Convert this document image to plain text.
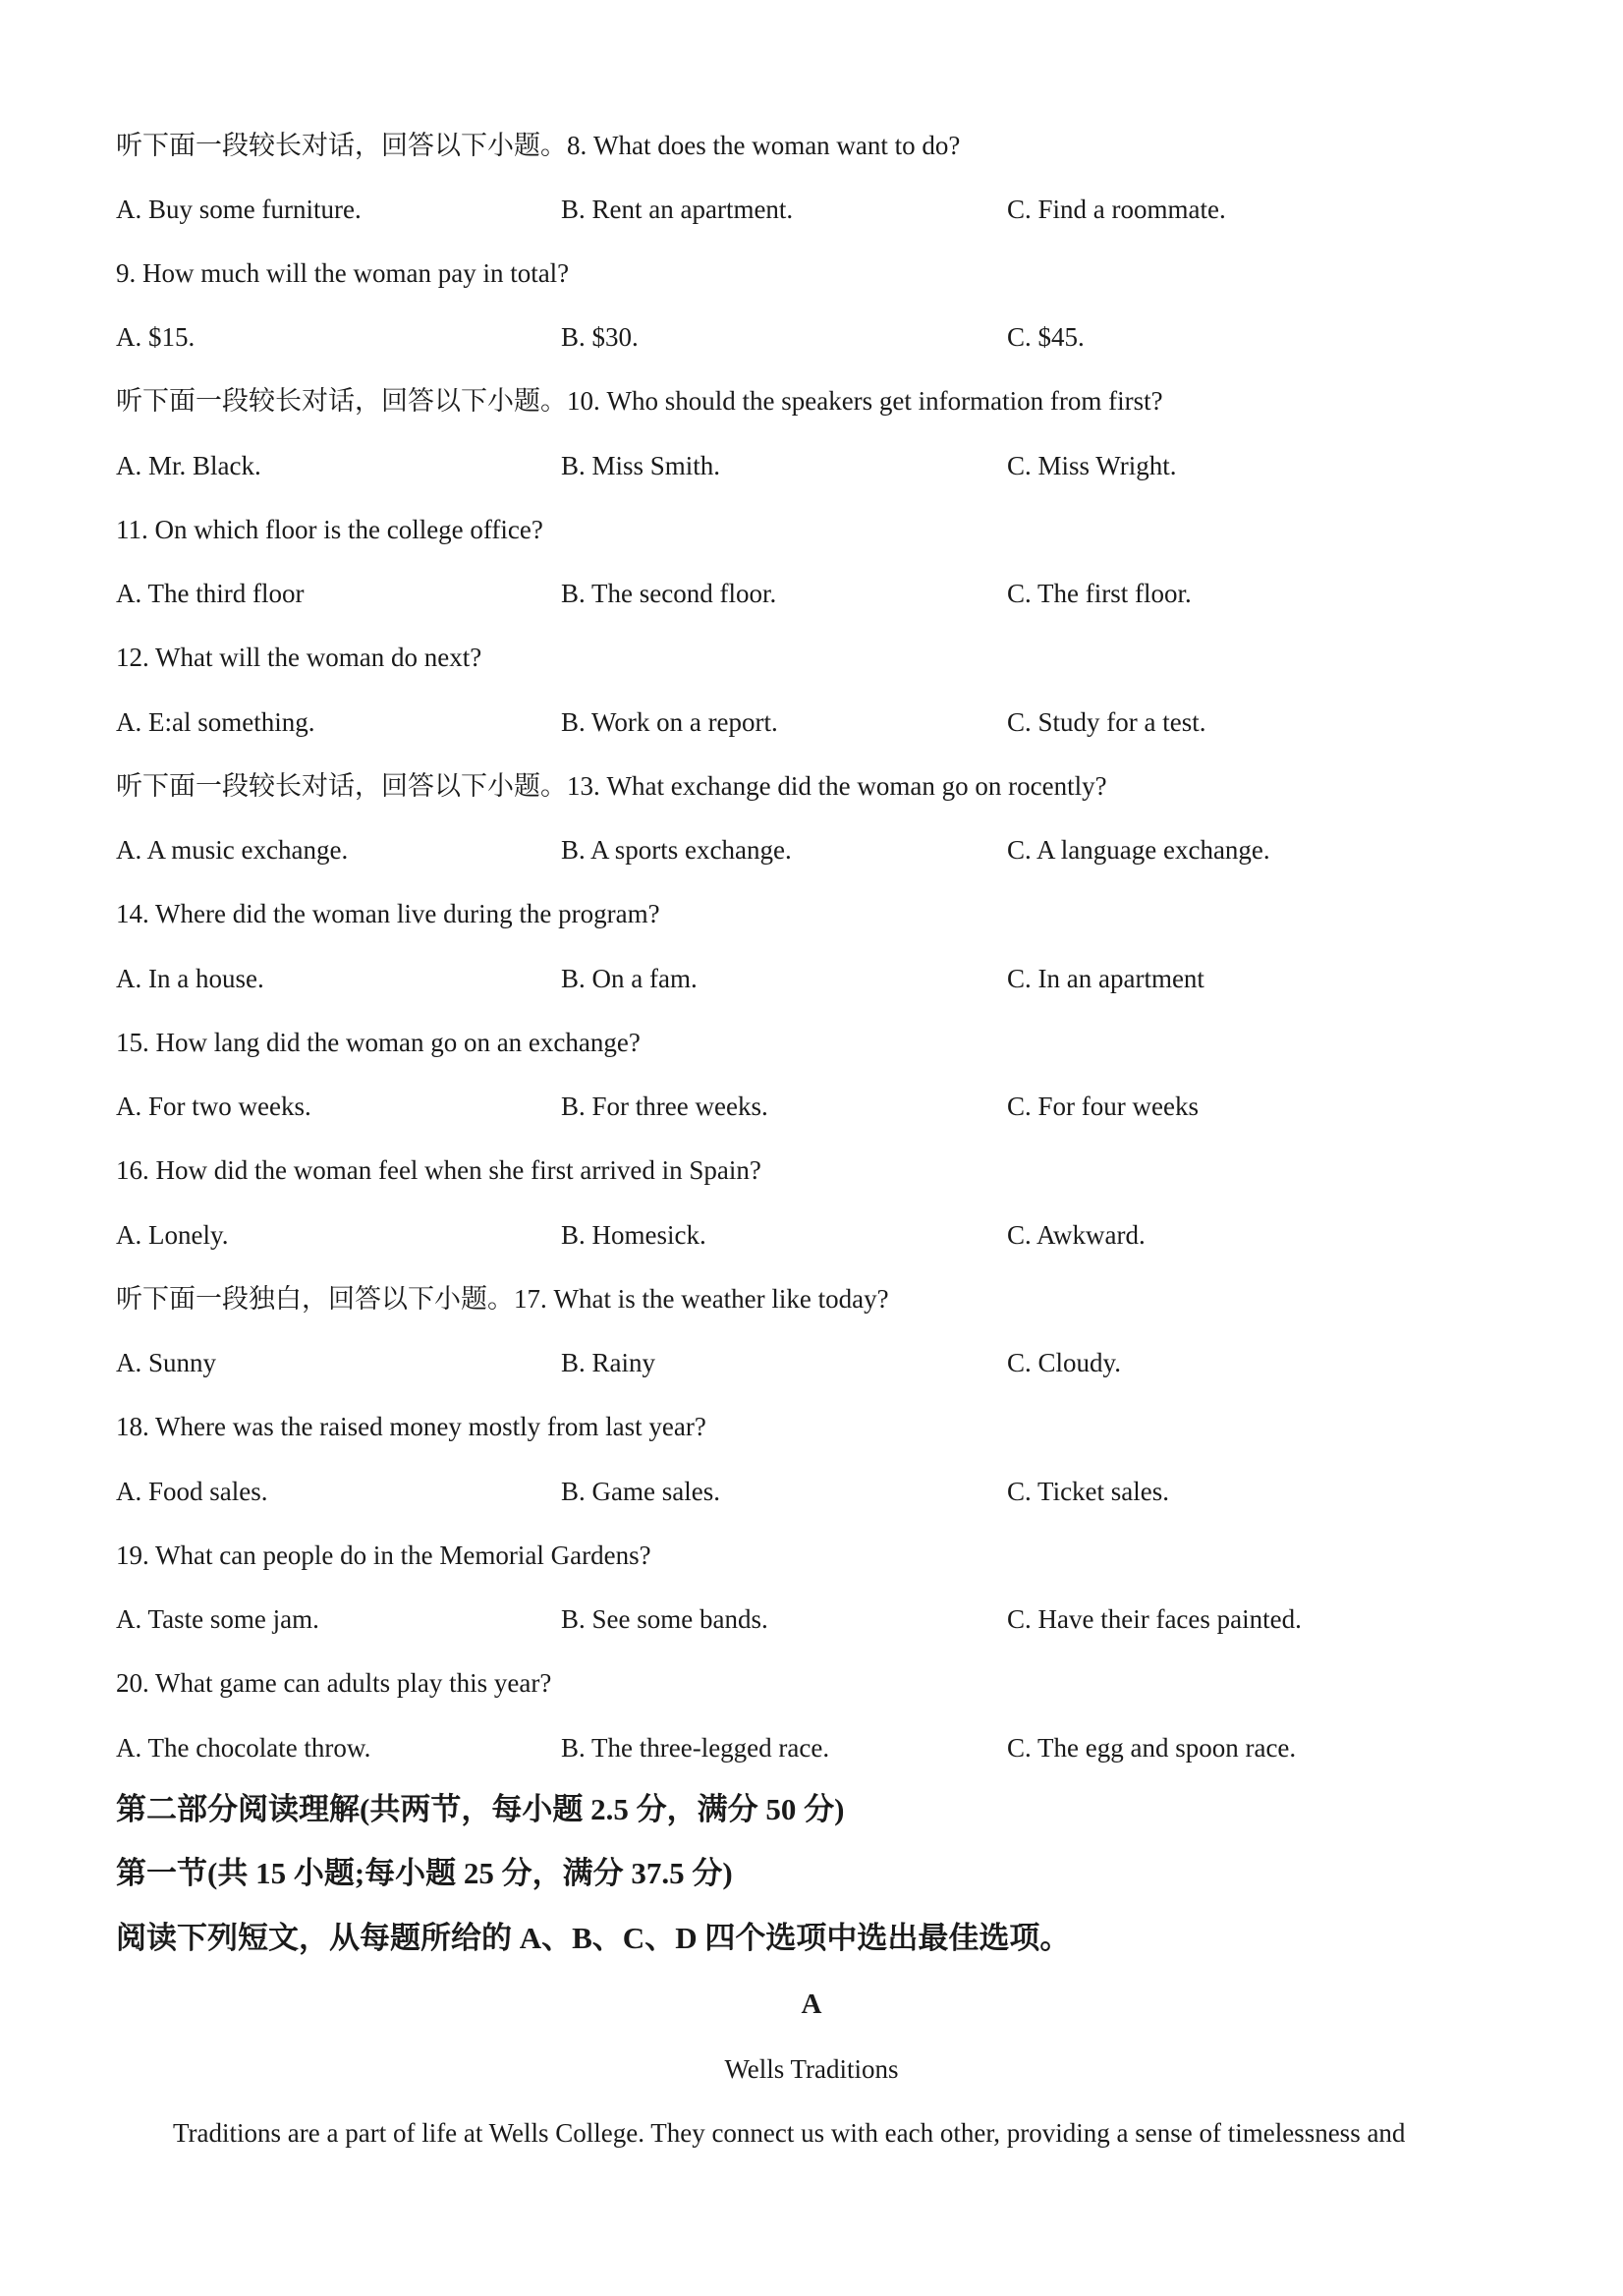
听下面一段较长对话，回答以下小题。8. What does the woman want to do?
A. Buy some furniture.	B. Rent an apartment.	C. Find a roommate.
9. How much will the woman pay in total?
A. $15.	B. $30.	C. $45.
听下面一段较长对话，回答以下小题。10. Who should the speakers get information from first?
A. Mr. Black.	B. Miss Smith.	C. Miss Wright.
11. On which floor is the college office?
A. The third floor	B. The second floor.	C. The first floor.
12. What will the woman do next?
A. E:al something.	B. Work on a report.	C. Study for a test.
听下面一段较长对话，回答以下小题。13. What exchange did the woman go on rocently?
A. A music exchange.	B. A sports exchange.	C. A language exchange.
14. Where did the woman live during the program?
A. In a house.	B. On a fam.	C. In an apartment
15. How lang did the woman go on an exchange?
A. For two weeks.	B. For three weeks.	C. For four weeks
16. How did the woman feel when she first arrived in Spain?
A. Lonely.	B. Homesick.	C. Awkward.
听下面一段独白，回答以下小题。17. What is the weather like today?
A. Sunny	B. Rainy	C. Cloudy.
18. Where was the raised money mostly from last year?
A. Food sales.	B. Game sales.	C. Ticket sales.
19. What can people do in the Memorial Gardens?
A. Taste some jam.	B. See some bands.	C. Have their faces painted.
20. What game can adults play this year?
A. The chocolate throw.	B. The three-legged race.	C. The egg and spoon race.
第二部分阅读理解(共两节，每小题 2.5 分，满分 50 分)
第一节(共 15 小题;每小题 25 分，满分 37.5 分)
阅读下列短文，从每题所给的 A、B、C、D 四个选项中选出最佳选项。
A
Wells Traditions
Traditions are a part of life at Wells College. They connect us with each other, providing a sense of timelessness and
